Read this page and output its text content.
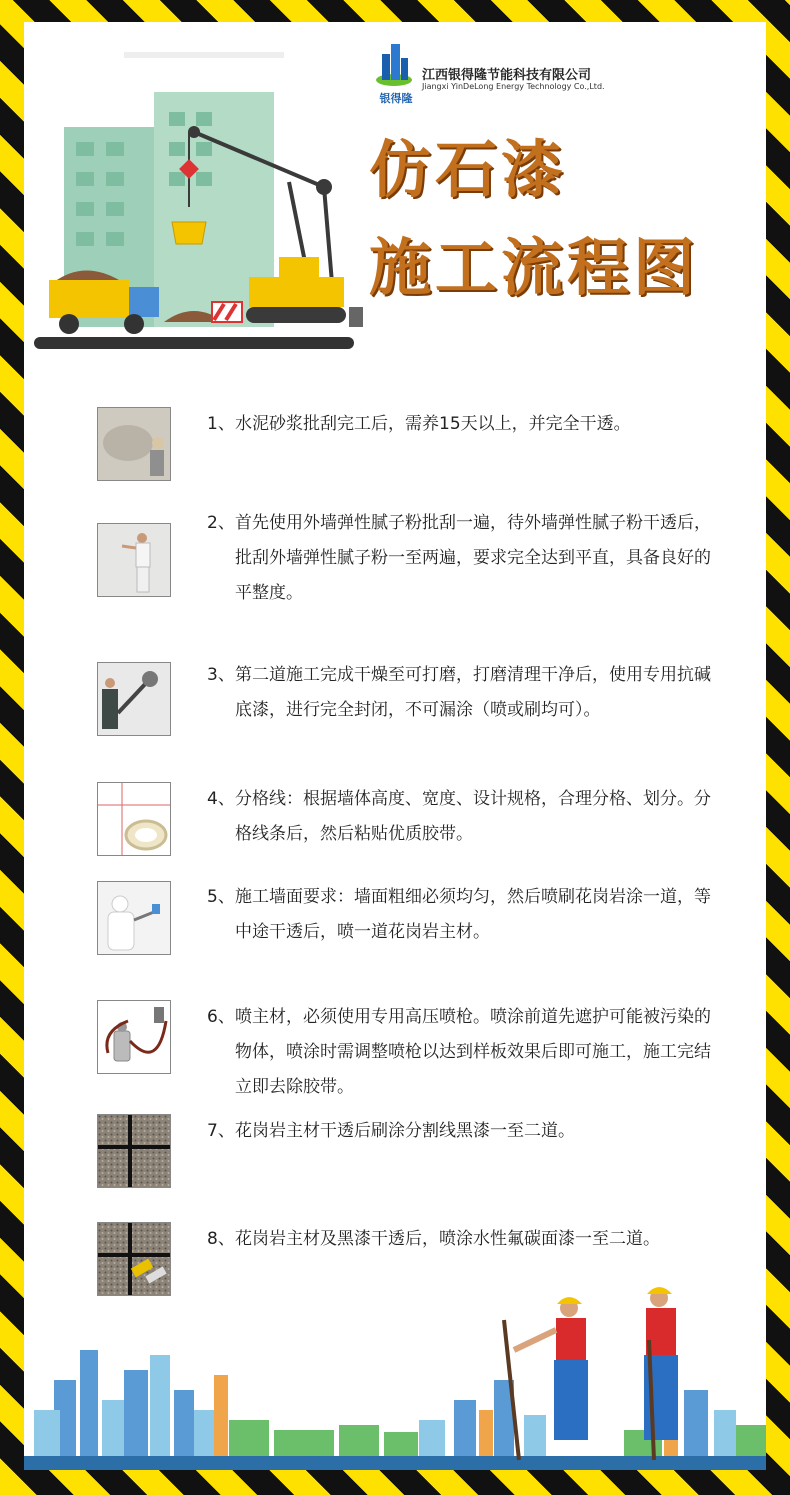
银得隆
江西银得隆节能科技有限公司
Jiangxi YinDeLong Energy Technology Co.,Ltd.
仿石漆
施工流程图
1、 水泥砂浆批刮完工后，需养15天以上，并完全干透。
2、 首先使用外墙弹性腻子粉批刮一遍，待外墙弹性腻子粉干透后，批刮外墙弹性腻子粉一至两遍，要求完全达到平直，具备良好的平整度。
3、 第二道施工完成干燥至可打磨，打磨清理干净后，使用专用抗碱底漆，进行完全封闭，不可漏涂（喷或刷均可）。
4、 分格线：根据墙体高度、宽度、设计规格，合理分格、划分。分格线条后，然后粘贴优质胶带。
5、 施工墙面要求：墙面粗细必须均匀，然后喷刷花岗岩涂一道，等中途干透后，喷一道花岗岩主材。
6、 喷主材，必须使用专用高压喷枪。喷涂前道先遮护可能被污染的物体，喷涂时需调整喷枪以达到样板效果后即可施工，施工完结立即去除胶带。
7、 花岗岩主材干透后刷涂分割线黑漆一至二道。
8、 花岗岩主材及黑漆干透后，喷涂水性氟碳面漆一至二道。
